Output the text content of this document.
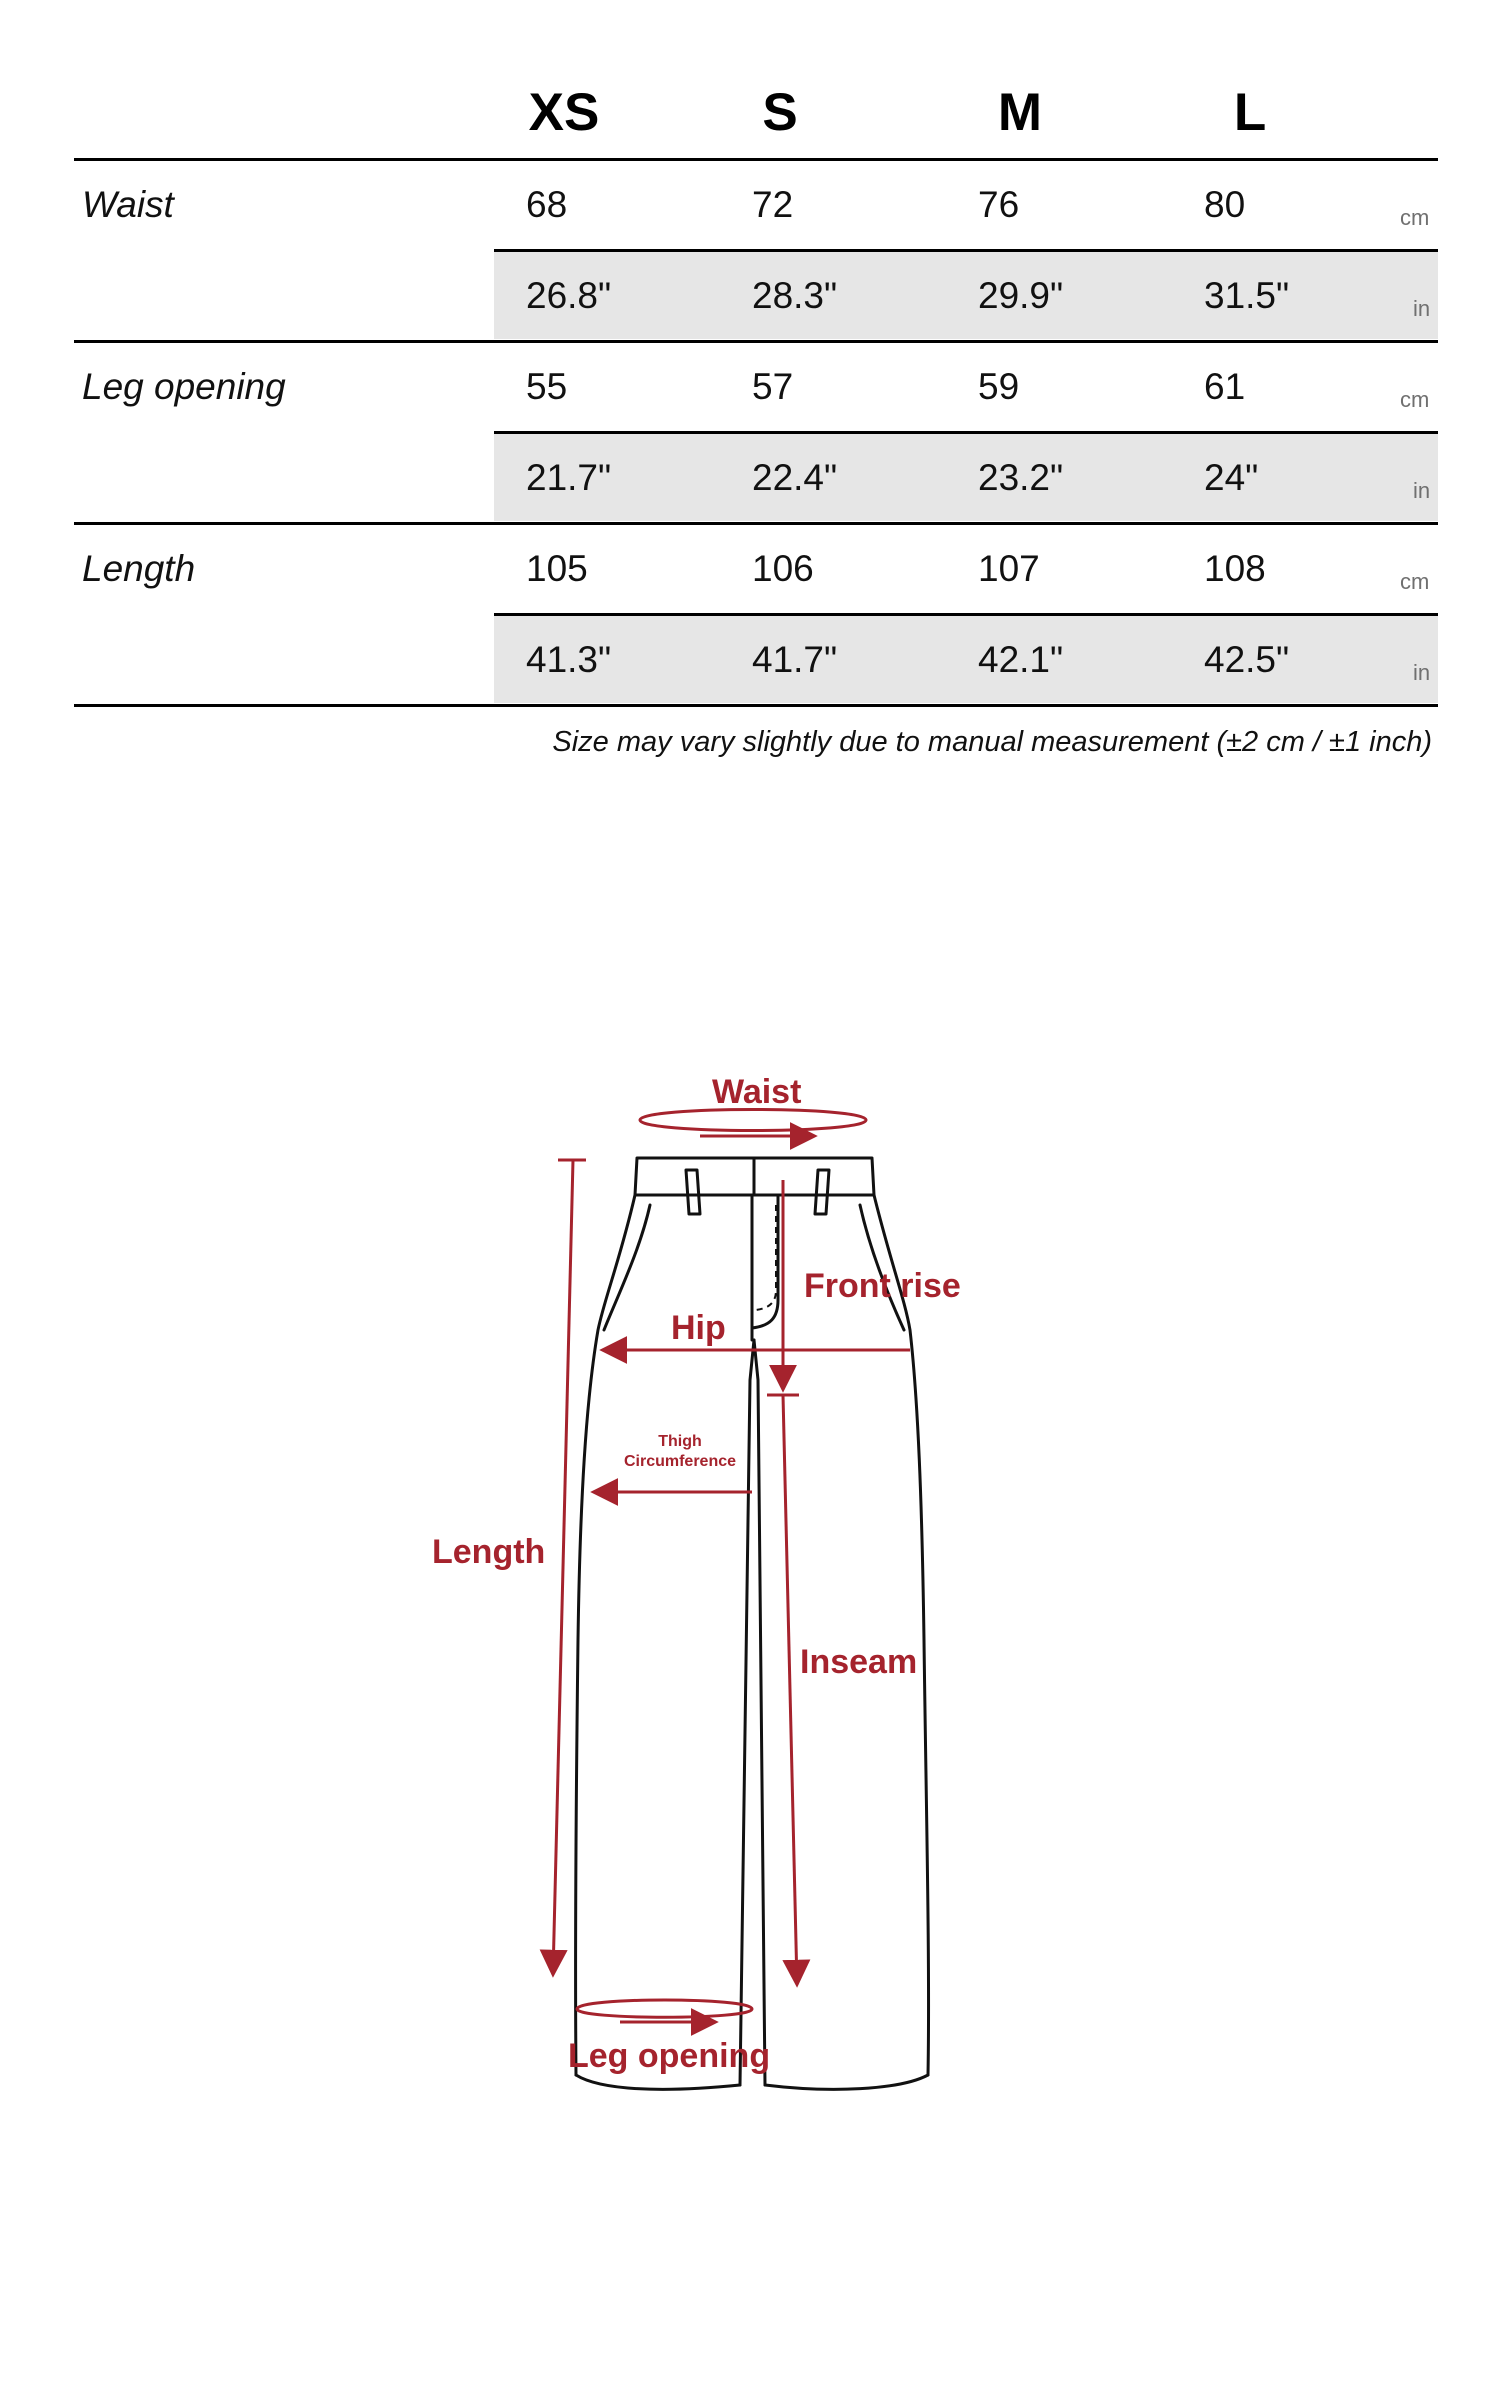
XS	S	M	L
Waist	68	72	76	80	cm
26.8"	28.3"	29.9"	31.5"	in
Leg opening	55	57	59	61	cm
21.7"	22.4"	23.2"	24"	in
Length	105	106	107	108	cm
41.3"	41.7"	42.1"	42.5"	in
Size may vary slightly due to manual measurement (±2 cm / ±1 inch)
Waist
Front rise
Hip
Thigh
Circumference
Length
Inseam
Leg opening
